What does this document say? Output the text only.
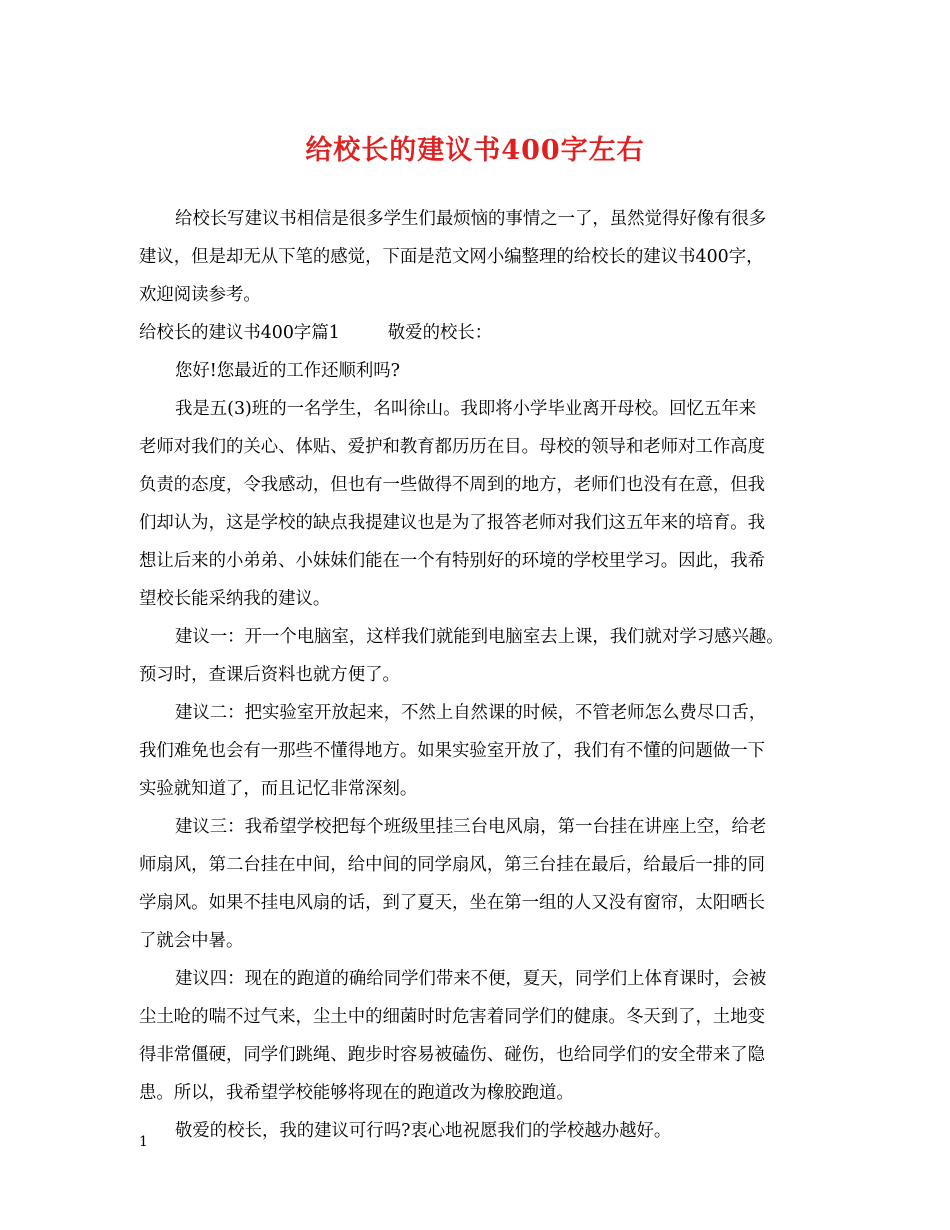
给校长的建议书400字左右
给校长写建议书相信是很多学生们最烦恼的事情之一了，虽然觉得好像有很多
建议，但是却无从下笔的感觉，下面是范文网小编整理的给校长的建议书400字，
欢迎阅读参考。
给校长的建议书400字篇1	敬爱的校长：
您好!您最近的工作还顺利吗?
我是五(3)班的一名学生，名叫徐山。我即将小学毕业离开母校。回忆五年来
老师对我们的关心、体贴、爱护和教育都历历在目。母校的领导和老师对工作高度
负责的态度，令我感动，但也有一些做得不周到的地方，老师们也没有在意，但我
们却认为，这是学校的缺点我提建议也是为了报答老师对我们这五年来的培育。我
想让后来的小弟弟、小妹妹们能在一个有特别好的环境的学校里学习。因此，我希
望校长能采纳我的建议。
建议一：开一个电脑室，这样我们就能到电脑室去上课，我们就对学习感兴趣。
预习时，查课后资料也就方便了。
建议二：把实验室开放起来，不然上自然课的时候，不管老师怎么费尽口舌，
我们难免也会有一那些不懂得地方。如果实验室开放了，我们有不懂的问题做一下
实验就知道了，而且记忆非常深刻。
建议三：我希望学校把每个班级里挂三台电风扇，第一台挂在讲座上空，给老
师扇风，第二台挂在中间，给中间的同学扇风，第三台挂在最后，给最后一排的同
学扇风。如果不挂电风扇的话，到了夏天，坐在第一组的人又没有窗帘，太阳晒长
了就会中暑。
建议四：现在的跑道的确给同学们带来不便，夏天，同学们上体育课时，会被
尘土呛的喘不过气来，尘土中的细菌时时危害着同学们的健康。冬天到了，土地变
得非常僵硬，同学们跳绳、跑步时容易被磕伤、碰伤，也给同学们的安全带来了隐
患。所以，我希望学校能够将现在的跑道改为橡胶跑道。
敬爱的校长，我的建议可行吗?衷心地祝愿我们的学校越办越好。
1
